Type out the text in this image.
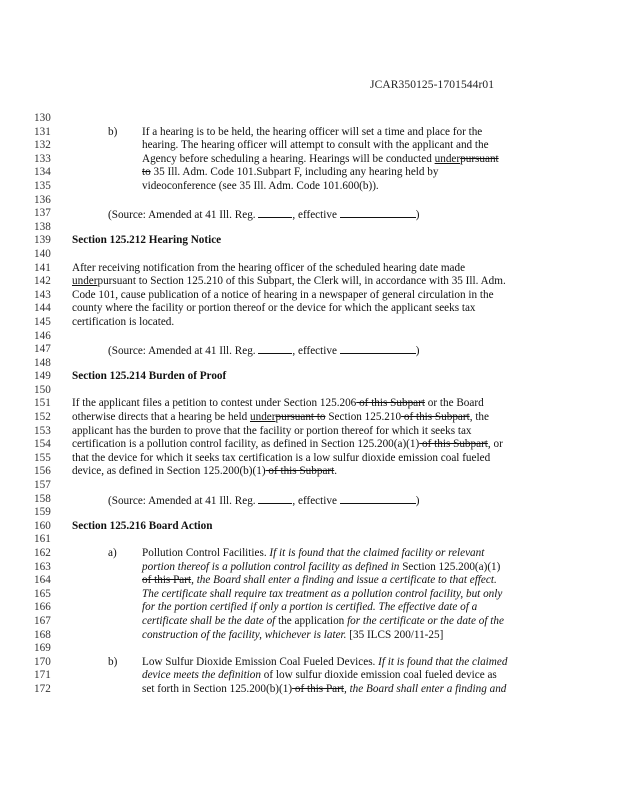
JCAR350125-1701544r01
130
131	b) If a hearing is to be held, the hearing officer will set a time and place for the
132	hearing. The hearing officer will attempt to consult with the applicant and the
133	Agency before scheduling a hearing. Hearings will be conducted underpursuant
134	to 35 Ill. Adm. Code 101.Subpart F, including any hearing held by
135	videoconference (see 35 Ill. Adm. Code 101.600(b)).
136
137	(Source: Amended at 41 Ill. Reg.	, effective	)
138
139	Section 125.212 Hearing Notice
140
141	After receiving notification from the hearing officer of the scheduled hearing date made
142	underpursuant to Section 125.210 of this Subpart, the Clerk will, in accordance with 35 Ill. Adm.
143	Code 101, cause publication of a notice of hearing in a newspaper of general circulation in the
144	county where the facility or portion thereof or the device for which the applicant seeks tax
145	certification is located.
146
147	(Source: Amended at 41 Ill. Reg.	, effective	)
148
149	Section 125.214 Burden of Proof
150
151	If the applicant files a petition to contest under Section 125.206 of this Subpart or the Board
152	otherwise directs that a hearing be held underpursuant to Section 125.210 of this Subpart, the
153	applicant has the burden to prove that the facility or portion thereof for which it seeks tax
154	certification is a pollution control facility, as defined in Section 125.200(a)(1) of this Subpart, or
155	that the device for which it seeks tax certification is a low sulfur dioxide emission coal fueled
156	device, as defined in Section 125.200(b)(1) of this Subpart.
157
158	(Source: Amended at 41 Ill. Reg.	, effective	)
159
160	Section 125.216 Board Action
161
162	a) Pollution Control Facilities. If it is found that the claimed facility or relevant
163	portion thereof is a pollution control facility as defined in Section 125.200(a)(1)
164	of this Part, the Board shall enter a finding and issue a certificate to that effect.
165	The certificate shall require tax treatment as a pollution control facility, but only
166	for the portion certified if only a portion is certified. The effective date of a
167	certificate shall be the date of the application for the certificate or the date of the
168	construction of the facility, whichever is later. [35 ILCS 200/11-25]
169
170	b) Low Sulfur Dioxide Emission Coal Fueled Devices. If it is found that the claimed
171	device meets the definition of low sulfur dioxide emission coal fueled device as
172	set forth in Section 125.200(b)(1) of this Part, the Board shall enter a finding and
